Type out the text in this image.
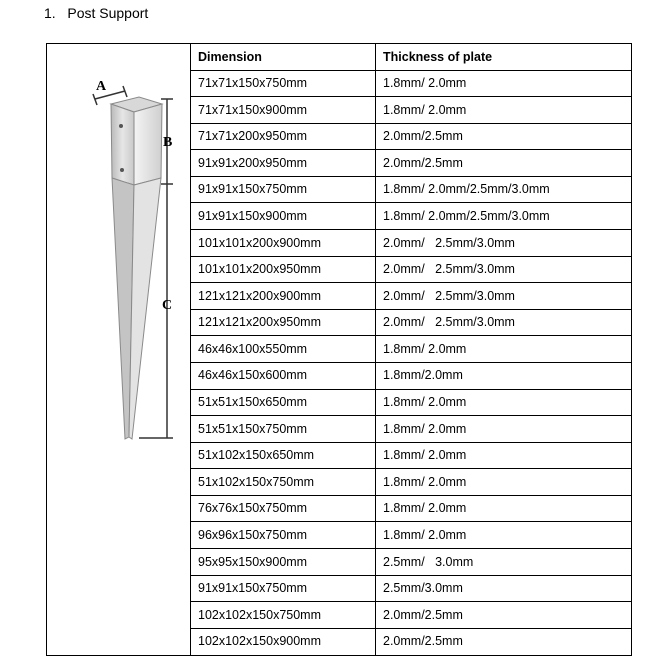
1. Post Support

A
B
C	Dimension	Thickness of plate
	71x71x150x750mm	1.8mm/ 2.0mm
	71x71x150x900mm	1.8mm/ 2.0mm
	71x71x200x950mm	2.0mm/2.5mm
	91x91x200x950mm	2.0mm/2.5mm
	91x91x150x750mm	1.8mm/ 2.0mm/2.5mm/3.0mm
	91x91x150x900mm	1.8mm/ 2.0mm/2.5mm/3.0mm
	101x101x200x900mm	2.0mm/   2.5mm/3.0mm
	101x101x200x950mm	2.0mm/   2.5mm/3.0mm
	121x121x200x900mm	2.0mm/   2.5mm/3.0mm
	121x121x200x950mm	2.0mm/   2.5mm/3.0mm
	46x46x100x550mm	1.8mm/ 2.0mm
	46x46x150x600mm	1.8mm/2.0mm
	51x51x150x650mm	1.8mm/ 2.0mm
	51x51x150x750mm	1.8mm/ 2.0mm
	51x102x150x650mm	1.8mm/ 2.0mm
	51x102x150x750mm	1.8mm/ 2.0mm
	76x76x150x750mm	1.8mm/ 2.0mm
	96x96x150x750mm	1.8mm/ 2.0mm
	95x95x150x900mm	2.5mm/   3.0mm
	91x91x150x750mm	2.5mm/3.0mm
	102x102x150x750mm	2.0mm/2.5mm
	102x102x150x900mm	2.0mm/2.5mm
